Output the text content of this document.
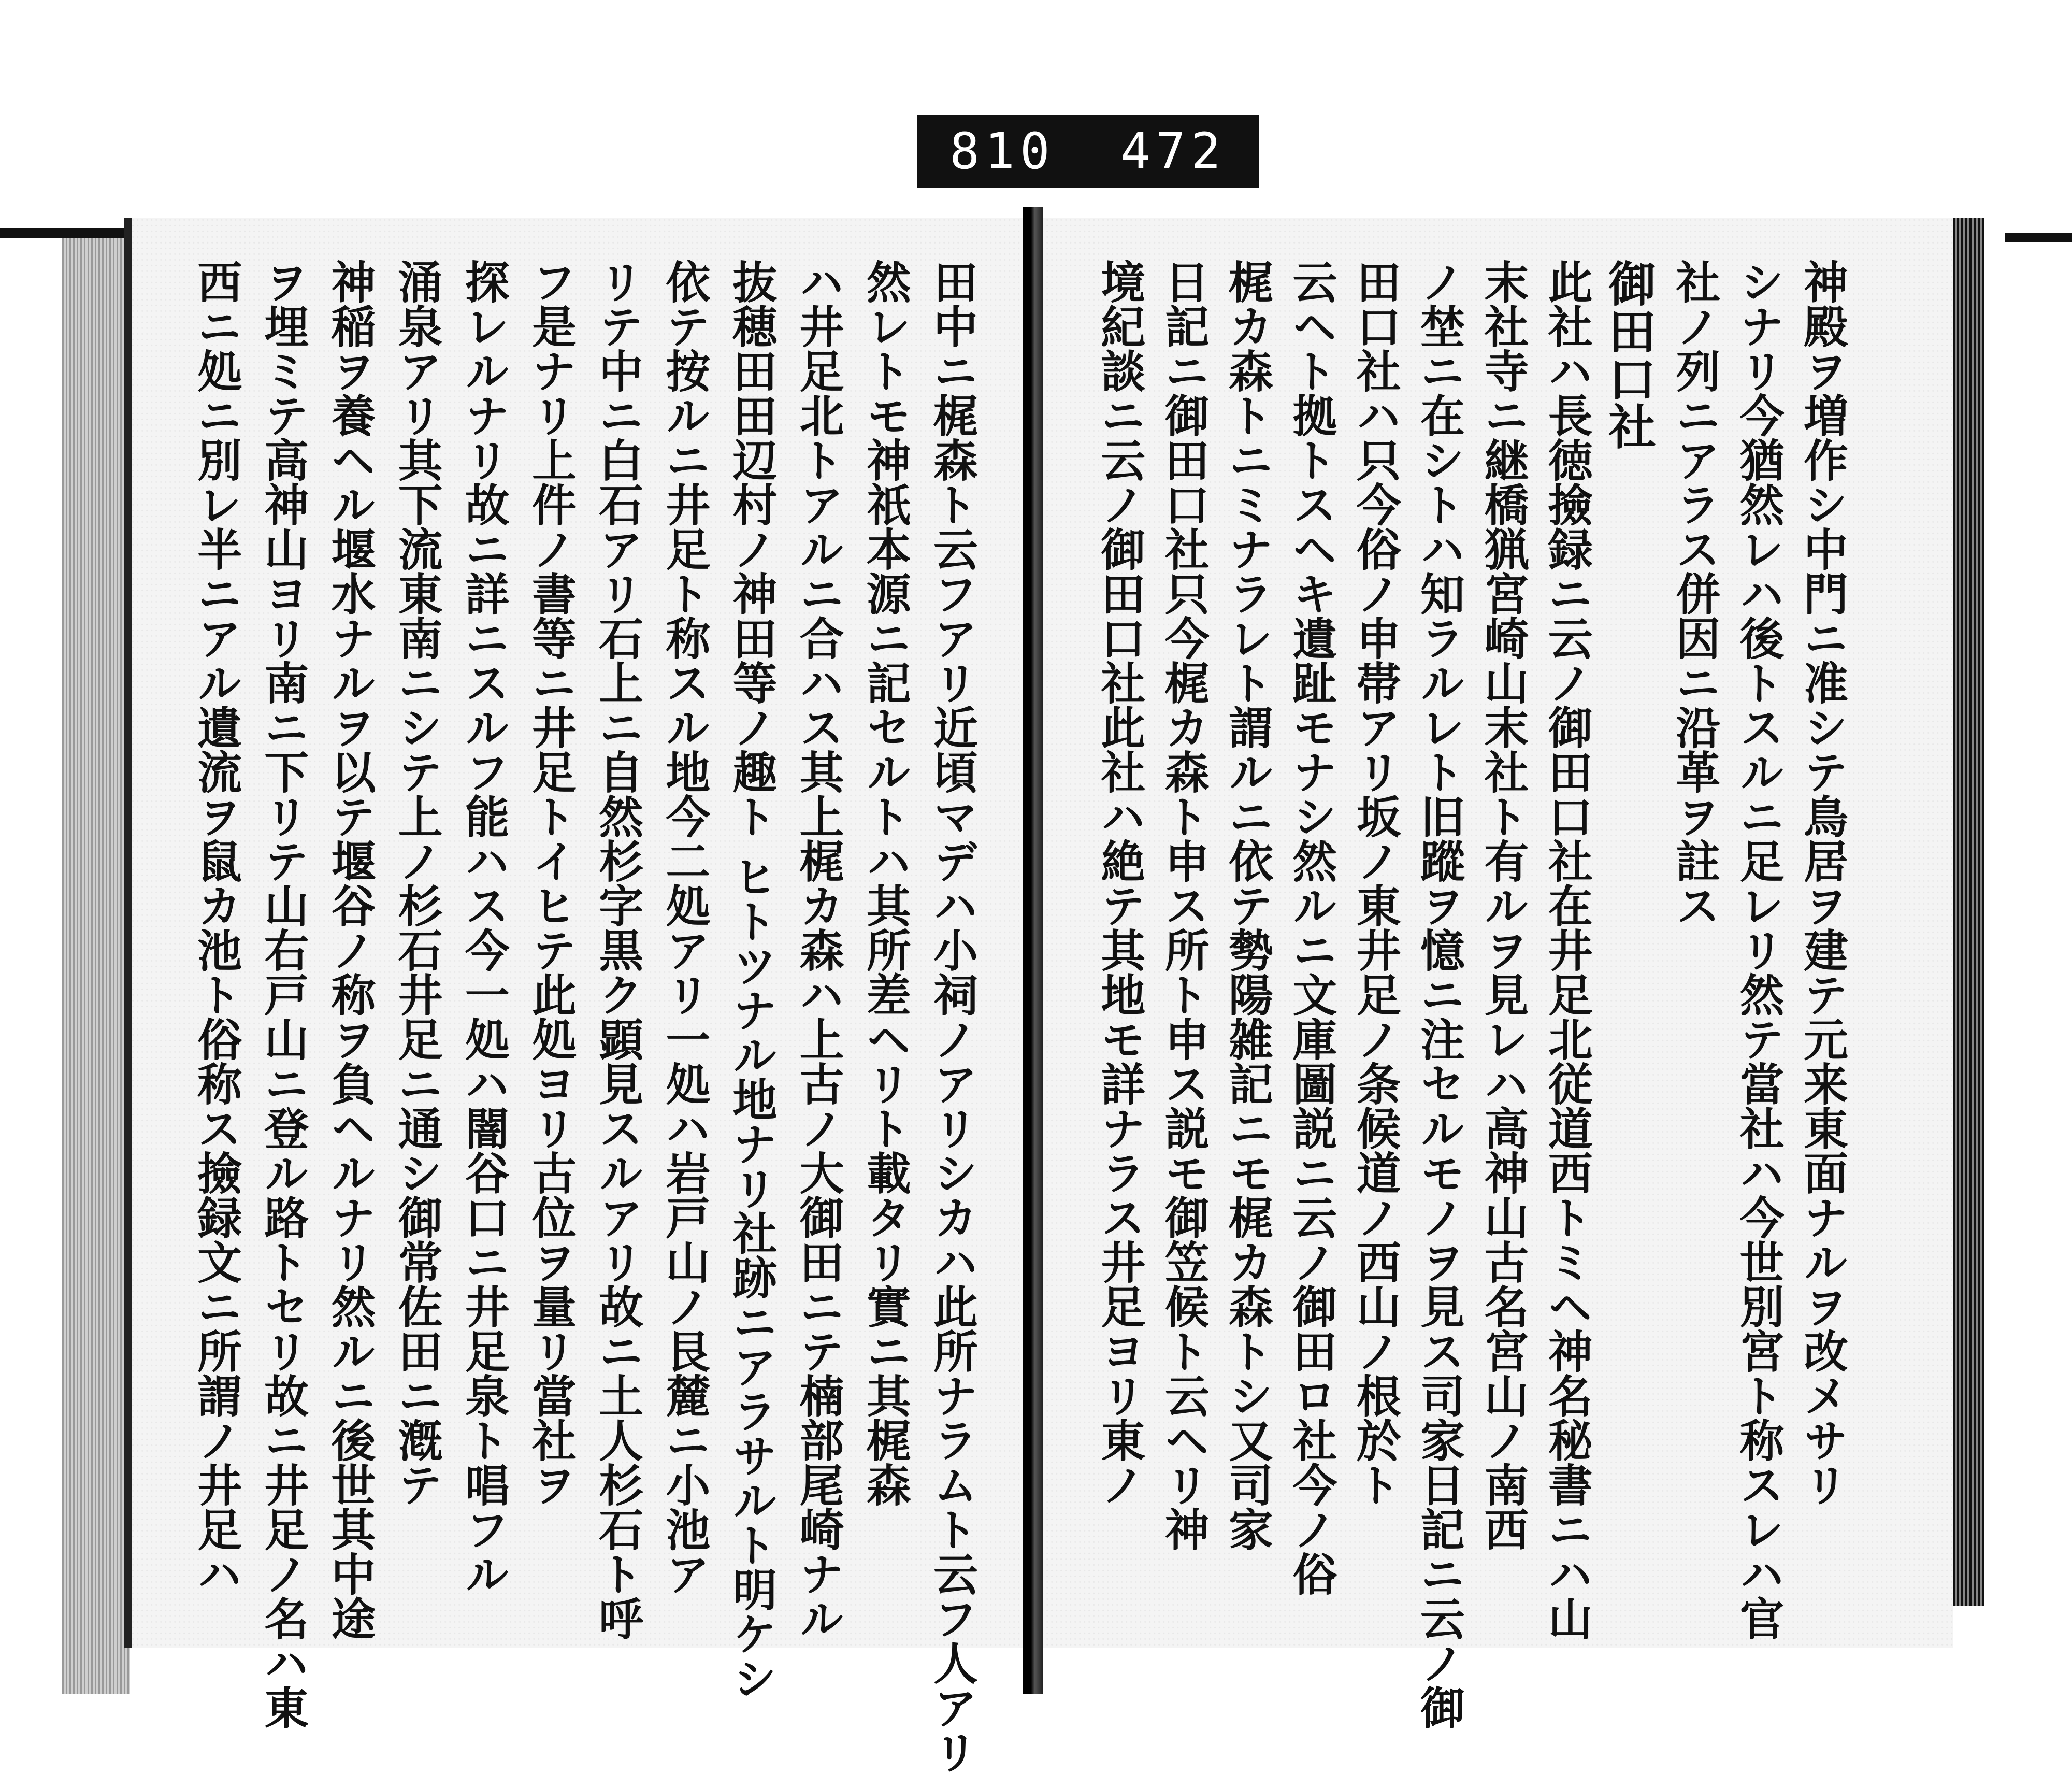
810 472
神殿ヲ増作シ中門ニ准シテ鳥居ヲ建テ元来東面ナルヲ改メサリ
シナリ今猶然レハ後トスルニ足レリ然テ當社ハ今世別宮ト称スレハ官
社ノ列ニアラス併因ニ沿革ヲ註ス
御田口社
此社ハ長徳撿録ニ云ノ御田口社在井足北従道西トミヘ神名秘書ニハ山
末社寺ニ継橋猟宮崎山末社ト有ルヲ見レハ高神山古名宮山ノ南西
ノ埜ニ在シトハ知ラルレト旧蹤ヲ憶ニ注セルモノヲ見ス司家日記ニ云ノ御
田口社ハ只今俗ノ申帯アリ坂ノ東井足ノ条候道ノ西山ノ根於ト
云ヘト拠トスヘキ遺趾モナシ然ルニ文庫圖説ニ云ノ御田ロ社今ノ俗
梶カ森トニミナラレト謂ルニ依テ勢陽雑記ニモ梶カ森トシ又司家
日記ニ御田口社只今梶カ森ト申ス所ト申ス説モ御笠候ト云ヘリ神
境紀談ニ云ノ御田口社此社ハ絶テ其地モ詳ナラス井足ヨリ東ノ
田中ニ梶森ト云フアリ近頃マデハ小祠ノアリシカハ此所ナラムト云フ人アリ
然レトモ神祇本源ニ記セルトハ其所差ヘリト載タリ實ニ其梶森
ハ井足北トアルニ合ハス其上梶カ森ハ上古ノ大御田ニテ楠部尾崎ナル
抜穂田田辺村ノ神田等ノ趣ト ヒトツナル地ナリ社跡ニアラサルト明ケシ
依テ按ルニ井足ト称スル地今二処アリ一処ハ岩戸山ノ艮麓ニ小池ア
リテ中ニ白石アリ石上ニ自然杉字黒ク顕見スルアリ故ニ土人杉石ト呼
フ是ナリ上件ノ書等ニ井足トイヒテ此処ヨリ古位ヲ量リ當社ヲ
探レルナリ故ニ詳ニスルフ能ハス今一処ハ闇谷口ニ井足泉ト唱フル
涌泉アリ其下流東南ニシテ上ノ杉石井足ニ通シ御常佐田ニ漑テ
神稲ヲ養ヘル堰水ナルヲ以テ堰谷ノ称ヲ負ヘルナリ然ルニ後世其中途
ヲ埋ミテ高神山ヨリ南ニ下リテ山右戸山ニ登ル路トセリ故ニ井足ノ名ハ東
西ニ処ニ別レ半ニアル遺流ヲ鼠カ池ト俗称ス撿録文ニ所謂ノ井足ハ
